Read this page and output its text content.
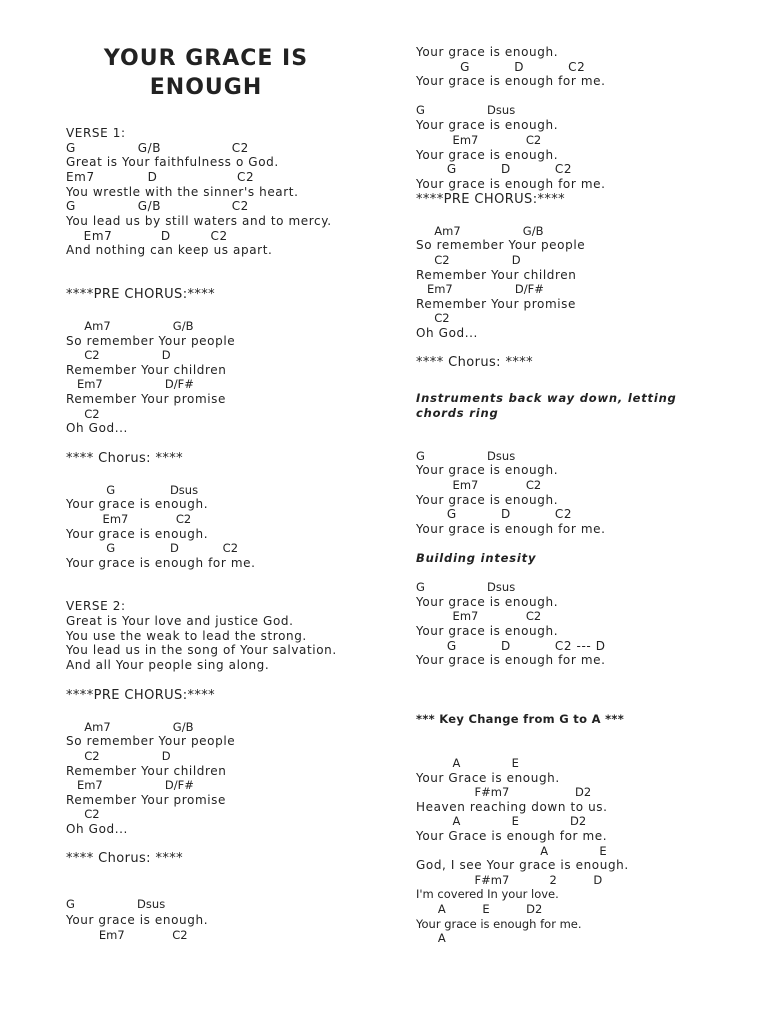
YOUR GRACE IS
ENOUGH
VERSE 1:
G              G/B                C2
Great is Your faithfulness o God.
Em7            D                  C2
You wrestle with the sinner's heart.
G              G/B                C2
You lead us by still waters and to mercy.
Em7           D         C2
And nothing can keep us apart.
****PRE CHORUS:****
Am7                 G/B
So remember Your people
C2                 D
Remember Your children
Em7                 D/F#
Remember Your promise
C2
Oh God...
**** Chorus: ****
G               Dsus
Your grace is enough.
Em7             C2
Your grace is enough.
G               D            C2
Your grace is enough for me.
VERSE 2:
Great is Your love and justice God.
You use the weak to lead the strong.
You lead us in the song of Your salvation.
And all Your people sing along.
****PRE CHORUS:****
Am7                 G/B
So remember Your people
C2                 D
Remember Your children
Em7                 D/F#
Remember Your promise
C2
Oh God...
**** Chorus: ****
G                 Dsus
Your grace is enough.
Em7             C2
Your grace is enough.
G          D          C2
Your grace is enough for me.
G                 Dsus
Your grace is enough.
Em7             C2
Your grace is enough.
G          D          C2
Your grace is enough for me.
****PRE CHORUS:****
Am7                 G/B
So remember Your people
C2                 D
Remember Your children
Em7                 D/F#
Remember Your promise
C2
Oh God...
**** Chorus: ****
Instruments back way down, letting
chords ring
G                 Dsus
Your grace is enough.
Em7             C2
Your grace is enough.
G          D          C2
Your grace is enough for me.
Building intesity
G                 Dsus
Your grace is enough.
Em7             C2
Your grace is enough.
G          D          C2 --- D
Your grace is enough for me.
*** Key Change from G to A ***
A              E
Your Grace is enough.
F#m7                  D2
Heaven reaching down to us.
A              E              D2
Your Grace is enough for me.
A              E
God, I see Your grace is enough.
F#m7           2          D
I'm covered In your love.
A          E          D2
Your grace is enough for me.
A
